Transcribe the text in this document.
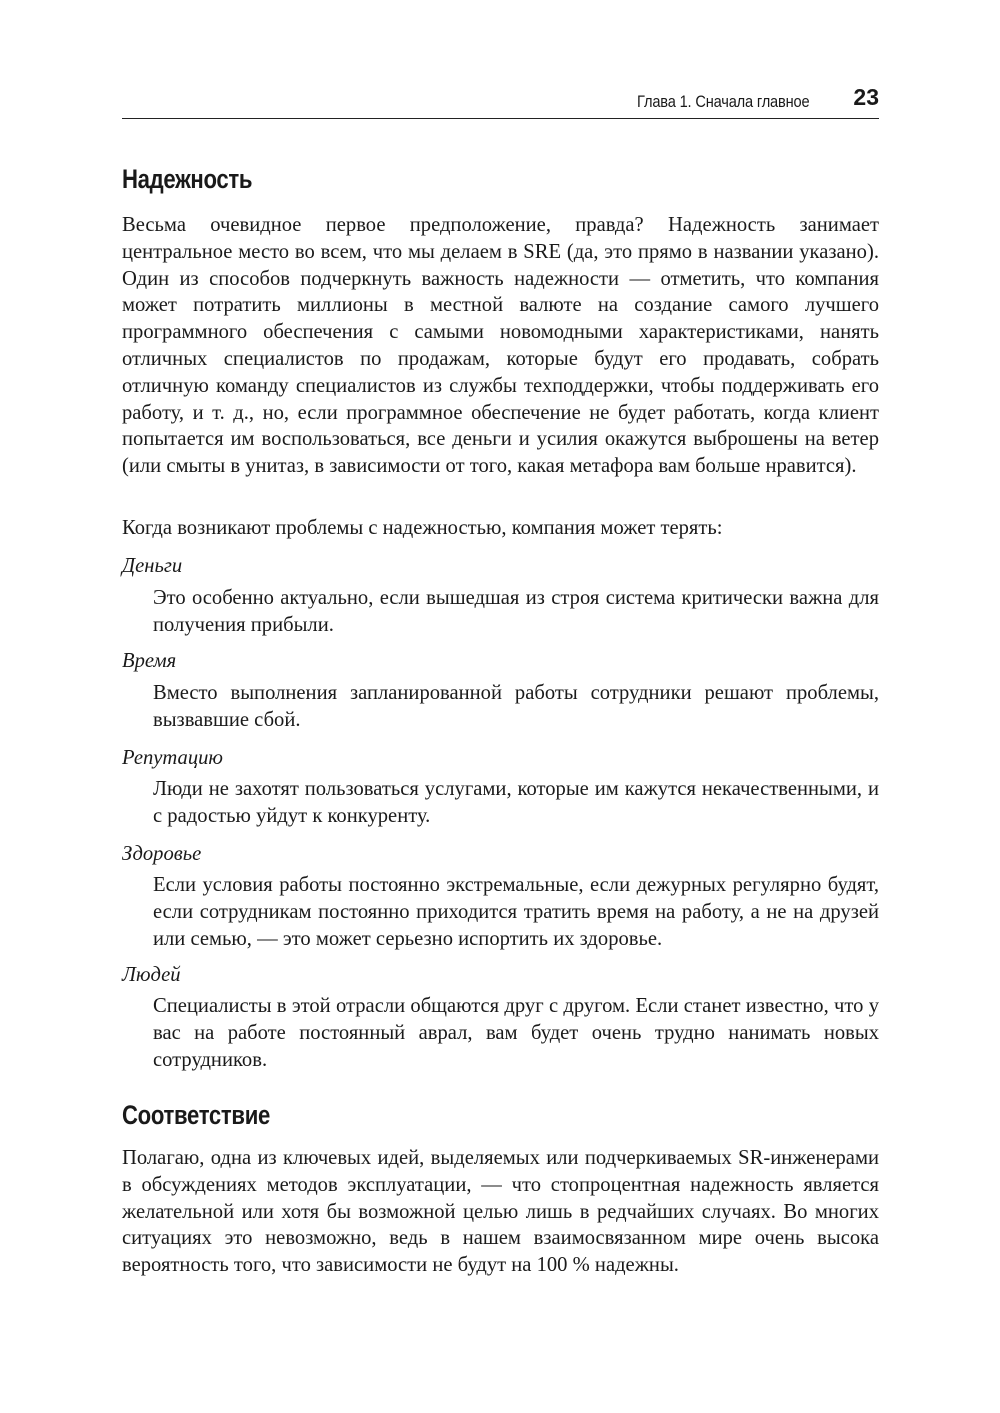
Глава 1. Сначала главное 23
Надежность

Весьма очевидное первое предположение, правда? Надежность занимает центральное место во всем, что мы делаем в SRE (да, это прямо в названии указано). Один из способов подчеркнуть важность надежности — отметить, что компания может потратить миллионы в местной валюте на создание самого лучшего программного обеспечения с самыми новомодными характеристиками, нанять отличных специалистов по продажам, которые будут его продавать, собрать отличную команду специалистов из службы техподдержки, чтобы поддерживать его работу, и т. д., но, если программное обеспечение не будет работать, когда клиент попытается им воспользоваться, все деньги и усилия окажутся выброшены на ветер (или смыты в унитаз, в зависимости от того, какая метафора вам больше нравится).

Когда возникают проблемы с надежностью, компания может терять:

Деньги

Это особенно актуально, если вышедшая из строя система критически важна для получения прибыли.

Время

Вместо выполнения запланированной работы сотрудники решают проблемы, вызвавшие сбой.

Репутацию

Люди не захотят пользоваться услугами, которые им кажутся некачественными, и с радостью уйдут к конкуренту.

Здоровье

Если условия работы постоянно экстремальные, если дежурных регулярно будят, если сотрудникам постоянно приходится тратить время на работу, а не на друзей или семью, — это может серьезно испортить их здоровье.

Людей

Специалисты в этой отрасли общаются друг с другом. Если станет известно, что у вас на работе постоянный аврал, вам будет очень трудно нанимать новых сотрудников.

Соответствие

Полагаю, одна из ключевых идей, выделяемых или подчеркиваемых SR-инженерами в обсуждениях методов эксплуатации, — что стопроцентная надежность является желательной или хотя бы возможной целью лишь в редчайших случаях. Во многих ситуациях это невозможно, ведь в нашем взаимосвязанном мире очень высока вероятность того, что зависимости не будут на 100 % надежны.
